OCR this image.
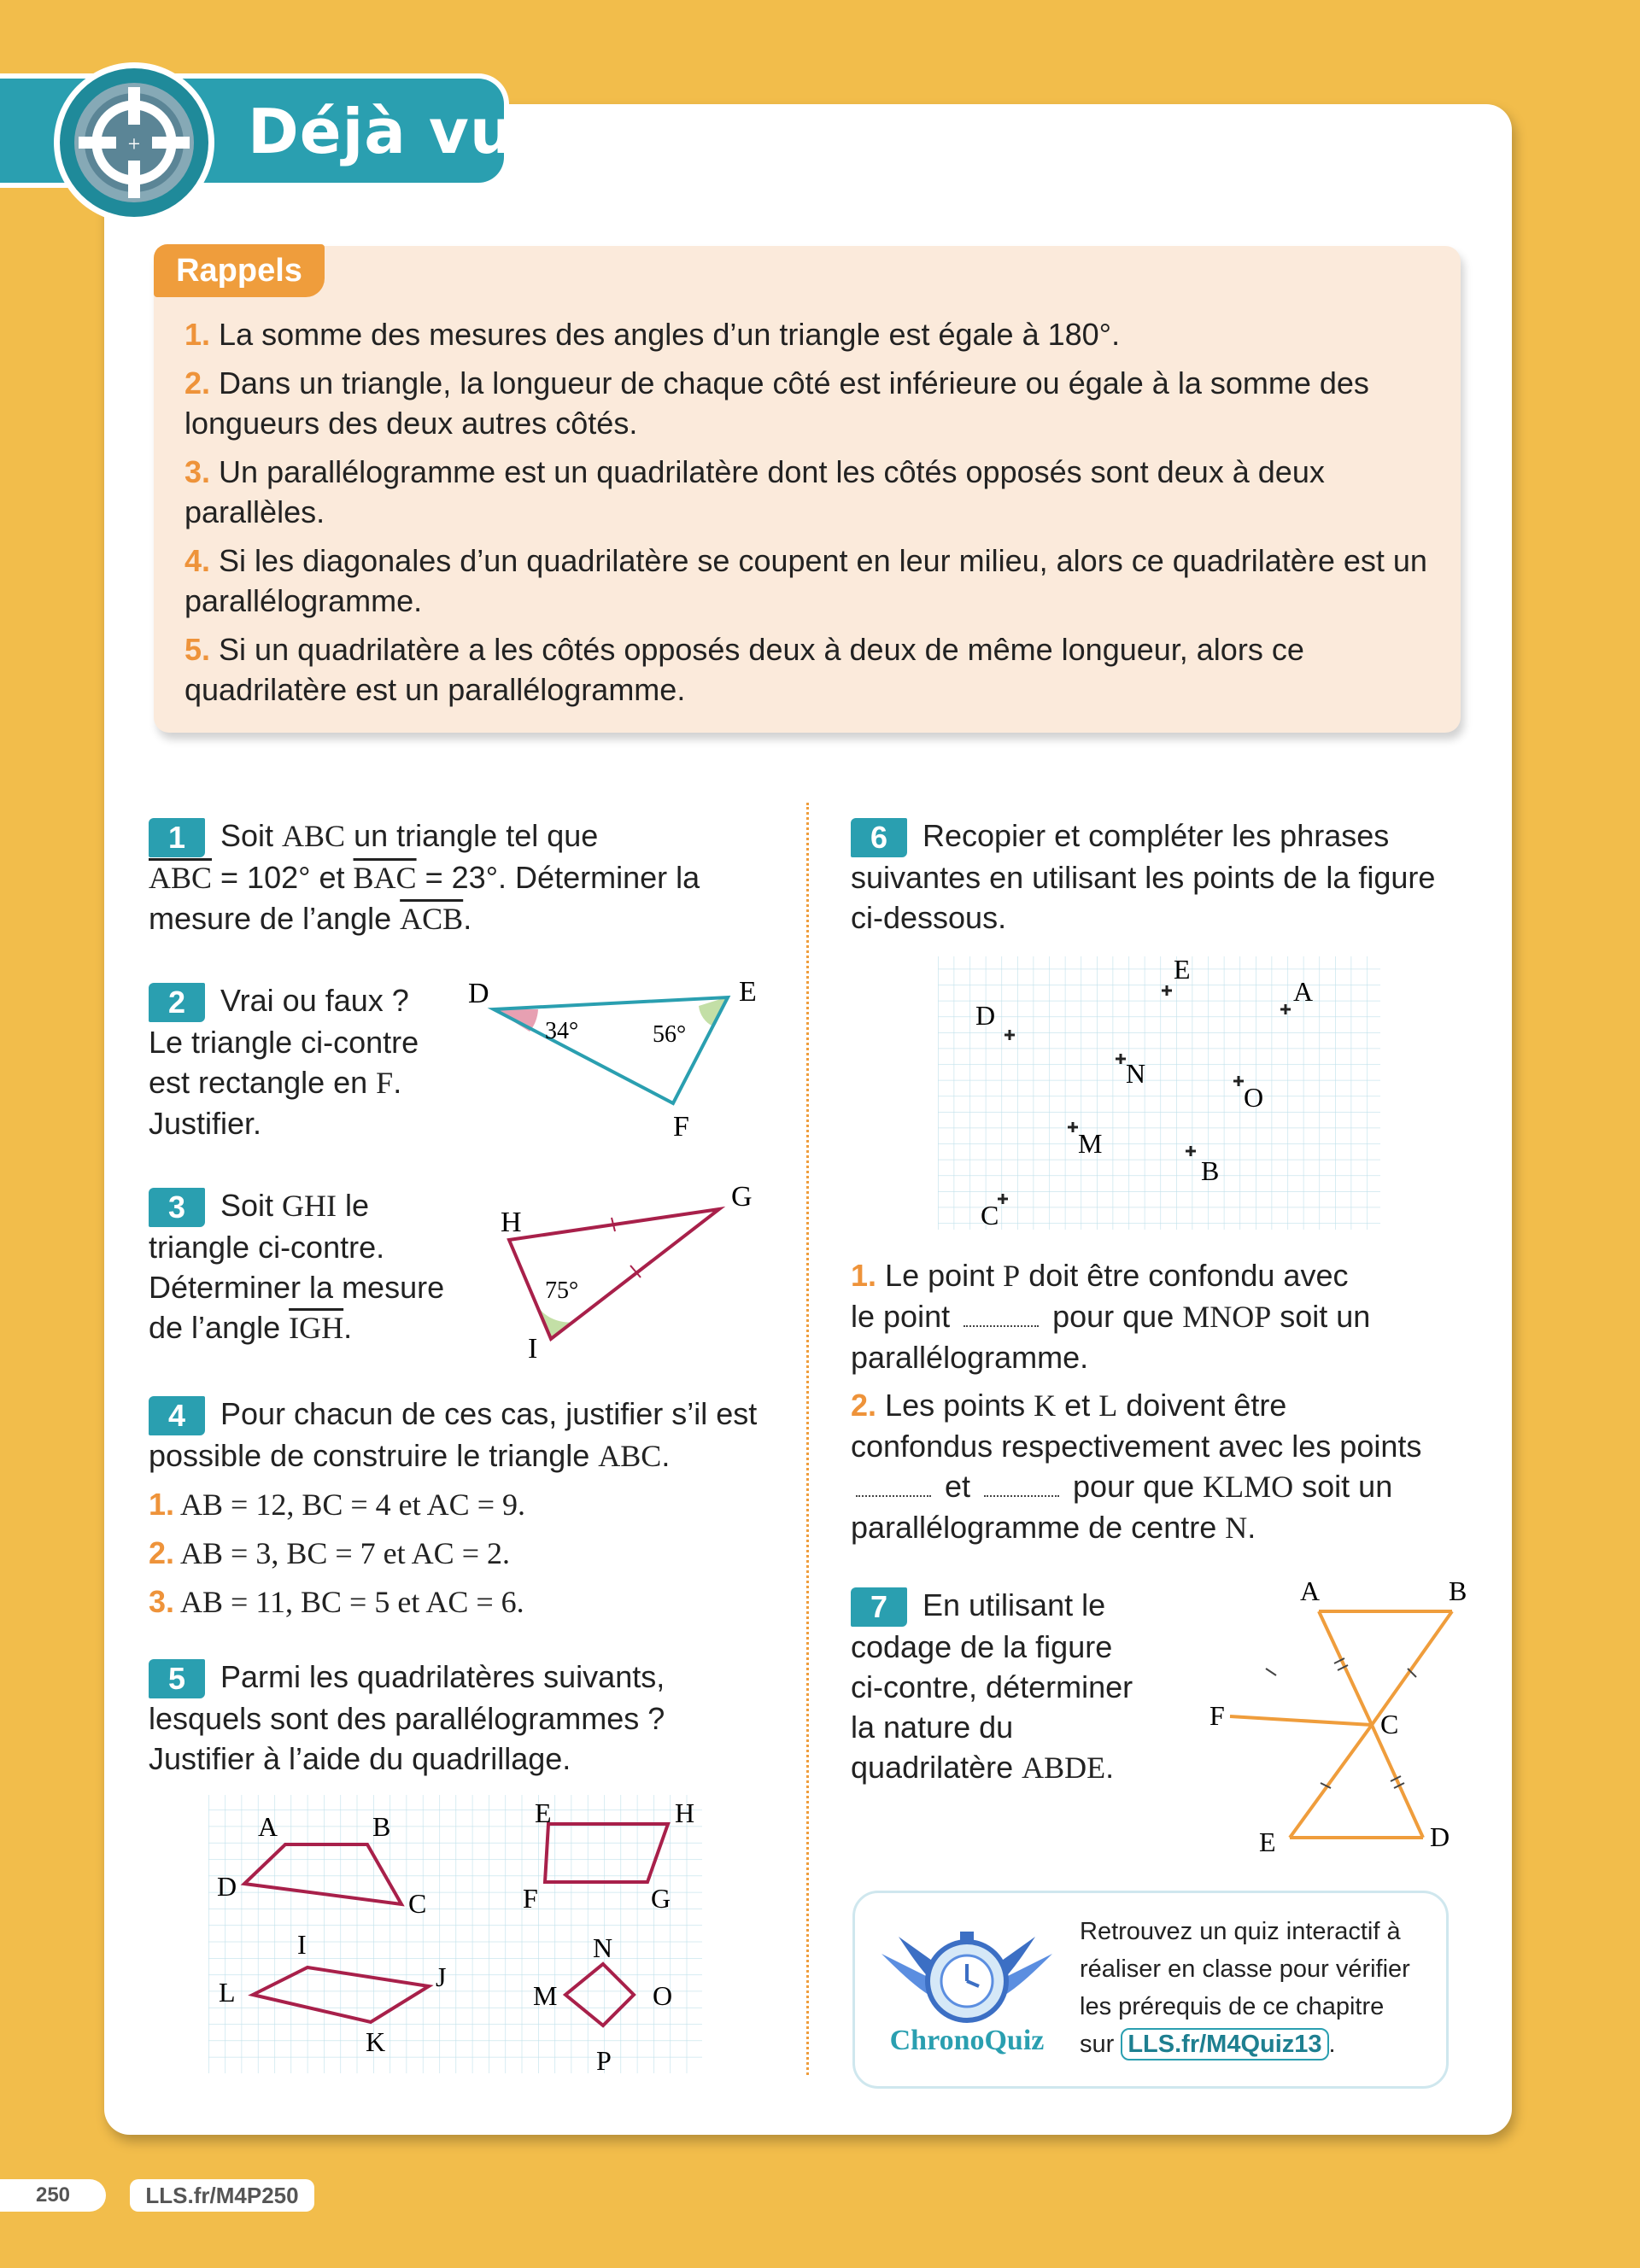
+ Déjà vu
Rappels
1. La somme des mesures des angles d’un triangle est égale à 180°.
2. Dans un triangle, la longueur de chaque côté est inférieure ou égale à la somme des longueurs des deux autres côtés.
3. Un parallélogramme est un quadrilatère dont les côtés opposés sont deux à deux parallèles.
4. Si les diagonales d’un quadrilatère se coupent en leur milieu, alors ce quadrilatère est un parallélogramme.
5. Si un quadrilatère a les côtés opposés deux à deux de même longueur, alors ce quadrilatère est un parallélogramme.
1 Soit ABC un triangle tel que
$\overline{ABC} = 102^\circ$ et $\overline{BAC} = 23^\circ$. Déterminer la
mesure de l’angle $\overline{ACB}$.
2 Vrai ou faux ?
Le triangle ci-contre
est rectangle en F.
Justifier.
D	E
F
34°	56°
3 Soit GHI le
triangle ci-contre.
Déterminer la mesure
de l’angle $\overline{IGH}$.
G
H
I
75°
4 Pour chacun de ces cas, justifier s’il est
possible de construire le triangle ABC.
1. AB = 12, BC = 4 et AC = 9.
2. AB = 3, BC = 7 et AC = 2.
3. AB = 11, BC = 5 et AC = 6.
5 Parmi les quadrilatères suivants,
lesquels sont des parallélogrammes ?
Justifier à l’aide du quadrillage.
A	B
C
D
E	H
F	G
I
J
L
K
N
M	O
P
6 Recopier et compléter les phrases
suivantes en utilisant les points de la figure
ci-dessous.
E
A
D
N
O
M
B
C
1. Le point P doit être confondu avec
le point	pour que MNOP soit un
parallélogramme.
2. Les points K et L doivent être
confondus respectivement avec les points
et	pour que KLMO soit un
parallélogramme de centre N.
7 En utilisant le
codage de la figure
ci-contre, déterminer
la nature du
quadrilatère ABDE.
A	B
F	C
E	D
ChronoQuiz
Retrouvez un quiz interactif à
réaliser en classe pour vérifier
les prérequis de ce chapitre
sur LLS.fr/M4Quiz13 .
250	LLS.fr/M4P250
